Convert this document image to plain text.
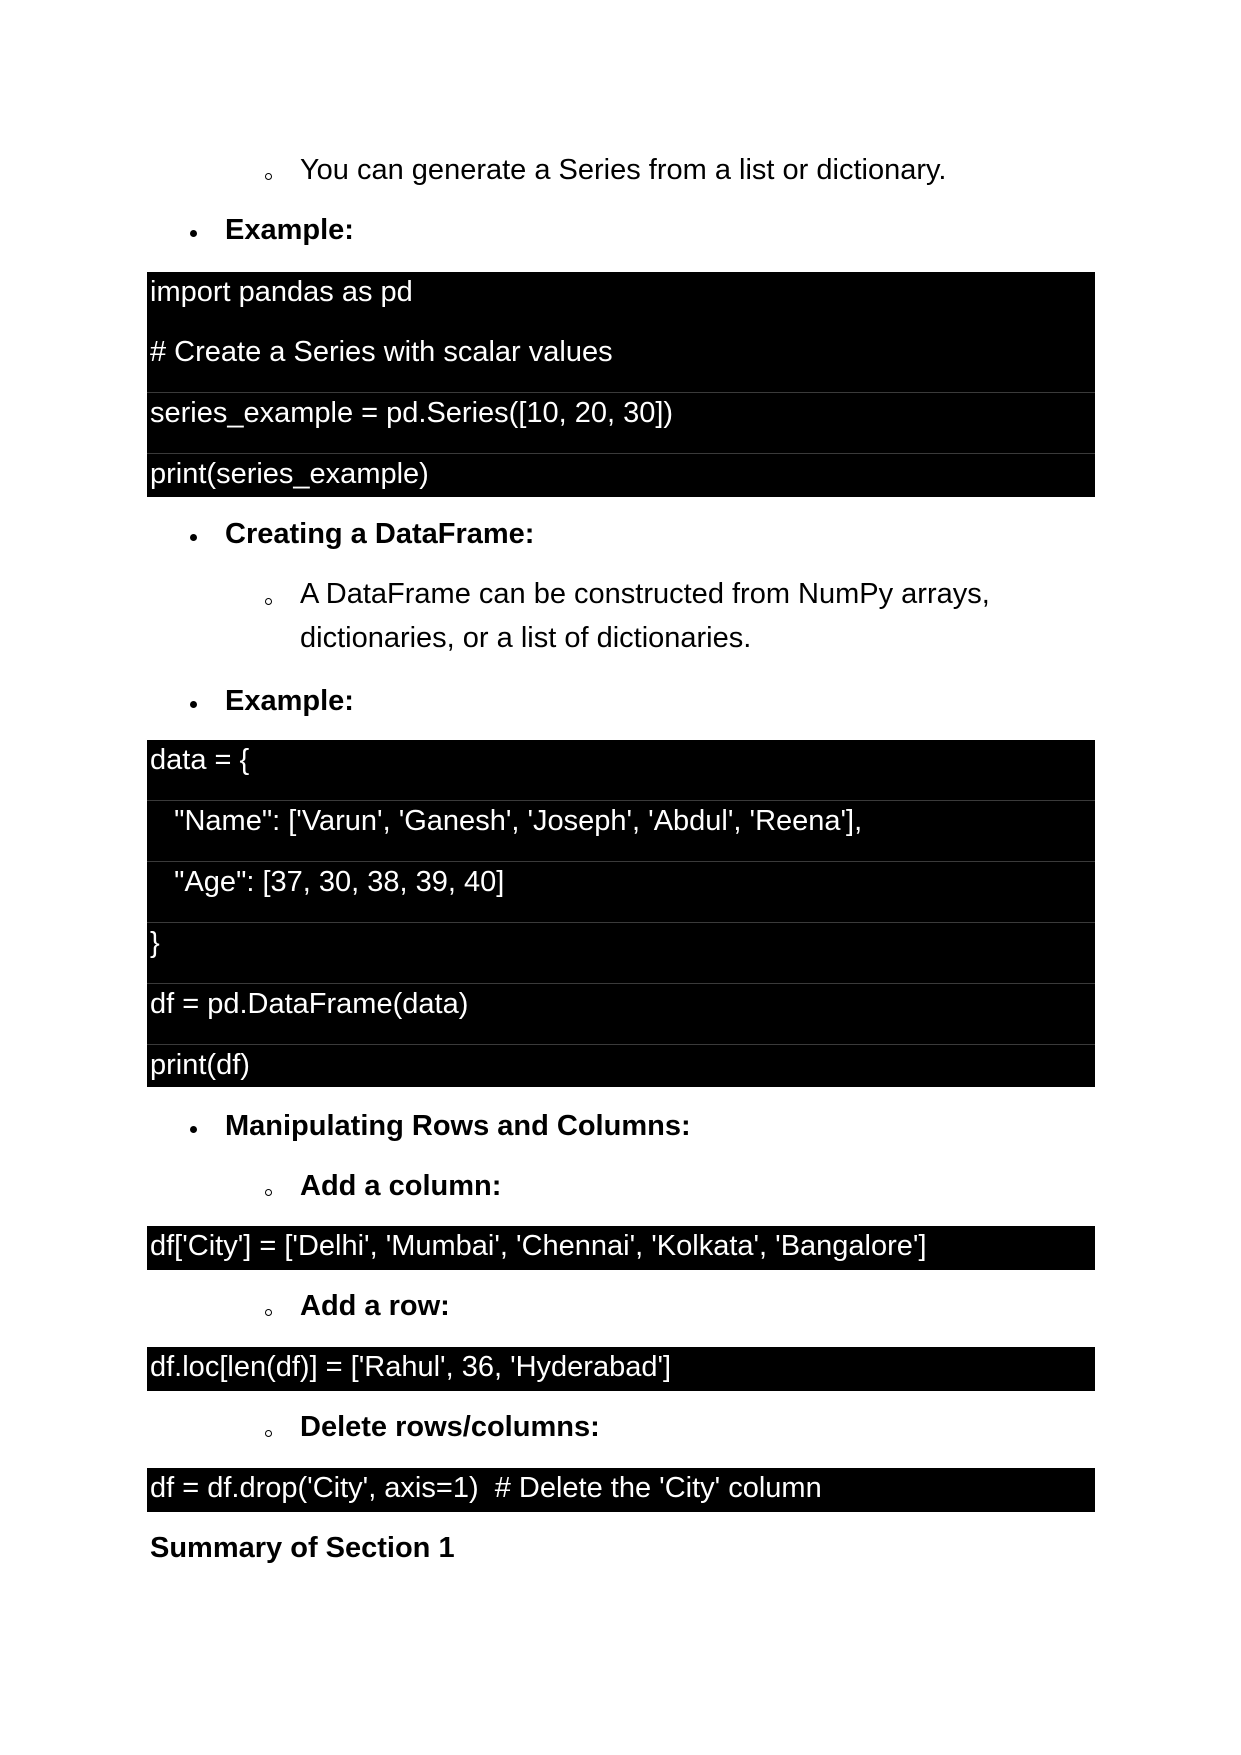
You can generate a Series from a list or dictionary.
Example:
import pandas as pd
# Create a Series with scalar values
series_example = pd.Series([10, 20, 30])
print(series_example)
Creating a DataFrame:
A DataFrame can be constructed from NumPy arrays, dictionaries, or a list of dictionaries.
Example:
data = {
"Name": ['Varun', 'Ganesh', 'Joseph', 'Abdul', 'Reena'],
"Age": [37, 30, 38, 39, 40]
}
df = pd.DataFrame(data)
print(df)
Manipulating Rows and Columns:
Add a column:
df['City'] = ['Delhi', 'Mumbai', 'Chennai', 'Kolkata', 'Bangalore']
Add a row:
df.loc[len(df)] = ['Rahul', 36, 'Hyderabad']
Delete rows/columns:
df = df.drop('City', axis=1)  # Delete the 'City' column
Summary of Section 1
